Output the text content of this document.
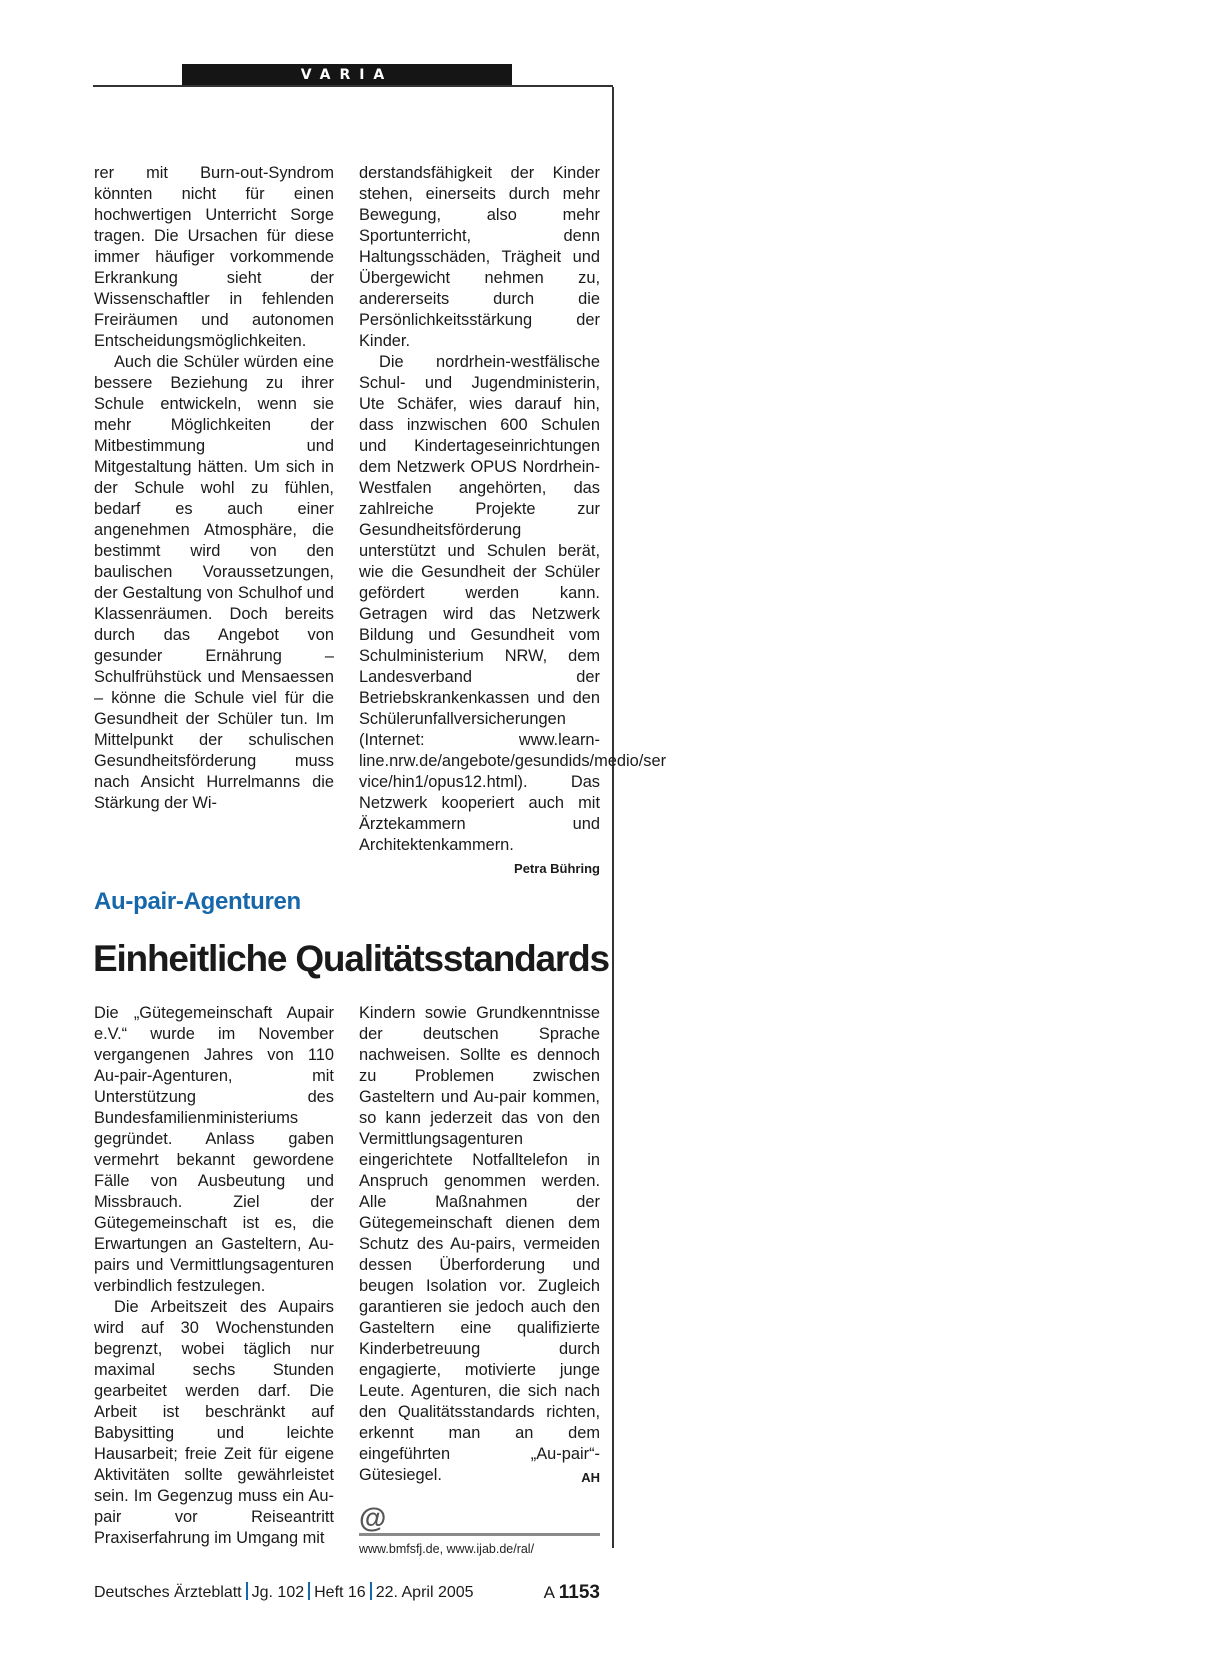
VARIA

rer mit Burn-out-Syndrom könnten nicht für einen hochwertigen Unterricht Sorge tragen. Die Ursachen für diese immer häufiger vorkommende Erkrankung sieht der Wissenschaftler in fehlenden Freiräumen und autonomen Entscheidungsmöglichkeiten.

Auch die Schüler würden eine bessere Beziehung zu ihrer Schule entwickeln, wenn sie mehr Möglichkeiten der Mitbestimmung und Mitgestaltung hätten. Um sich in der Schule wohl zu fühlen, bedarf es auch einer angenehmen Atmosphäre, die bestimmt wird von den baulischen Voraussetzungen, der Gestaltung von Schulhof und Klassenräumen. Doch bereits durch das Angebot von gesunder Ernährung – Schulfrühstück und Mensaessen – könne die Schule viel für die Gesundheit der Schüler tun. Im Mittelpunkt der schulischen Gesundheitsförderung muss nach Ansicht Hurrelmanns die Stärkung der Wi-

derstandsfähigkeit der Kinder stehen, einerseits durch mehr Bewegung, also mehr Sportunterricht, denn Haltungsschäden, Trägheit und Übergewicht nehmen zu, andererseits durch die Persönlichkeitsstärkung der Kinder.

Die nordrhein-westfälische Schul- und Jugendministerin, Ute Schäfer, wies darauf hin, dass inzwischen 600 Schulen und Kindertageseinrichtungen dem Netzwerk OPUS Nordrhein-Westfalen angehörten, das zahlreiche Projekte zur Gesundheitsförderung unterstützt und Schulen berät, wie die Gesundheit der Schüler gefördert werden kann. Getragen wird das Netzwerk Bildung und Gesundheit vom Schulministerium NRW, dem Landesverband der Betriebskrankenkassen und den Schülerunfallversicherungen (Internet: www.learn-line.nrw.de/angebote/gesundids/medio/ser vice/hin1/opus12.html). Das Netzwerk kooperiert auch mit Ärztekammern und Architektenkammern.
Petra Bühring

Au-pair-Agenturen
Einheitliche Qualitätsstandards

Die „Gütegemeinschaft Aupair e.V.“ wurde im November vergangenen Jahres von 110 Au-pair-Agenturen, mit Unterstützung des Bundesfamilienministeriums gegründet. Anlass gaben vermehrt bekannt gewordene Fälle von Ausbeutung und Missbrauch. Ziel der Gütegemeinschaft ist es, die Erwartungen an Gasteltern, Au-pairs und Vermittlungsagenturen verbindlich festzulegen.

Die Arbeitszeit des Aupairs wird auf 30 Wochenstunden begrenzt, wobei täglich nur maximal sechs Stunden gearbeitet werden darf. Die Arbeit ist beschränkt auf Babysitting und leichte Hausarbeit; freie Zeit für eigene Aktivitäten sollte gewährleistet sein. Im Gegenzug muss ein Au-pair vor Reiseantritt Praxiserfahrung im Umgang mit

Kindern sowie Grundkenntnisse der deutschen Sprache nachweisen. Sollte es dennoch zu Problemen zwischen Gasteltern und Au-pair kommen, so kann jederzeit das von den Vermittlungsagenturen eingerichtete Notfalltelefon in Anspruch genommen werden. Alle Maßnahmen der Gütegemeinschaft dienen dem Schutz des Au-pairs, vermeiden dessen Überforderung und beugen Isolation vor. Zugleich garantieren sie jedoch auch den Gasteltern eine qualifizierte Kinderbetreuung durch engagierte, motivierte junge Leute. Agenturen, die sich nach den Qualitätsstandards richten, erkennt man an dem eingeführten „Au-pair“-Gütesiegel.	AH

@
www.bmfsfj.de, www.ijab.de/ral/
Deutsches Ärzteblatt Jg. 102 Heft 16 22. April 2005	A 1153
